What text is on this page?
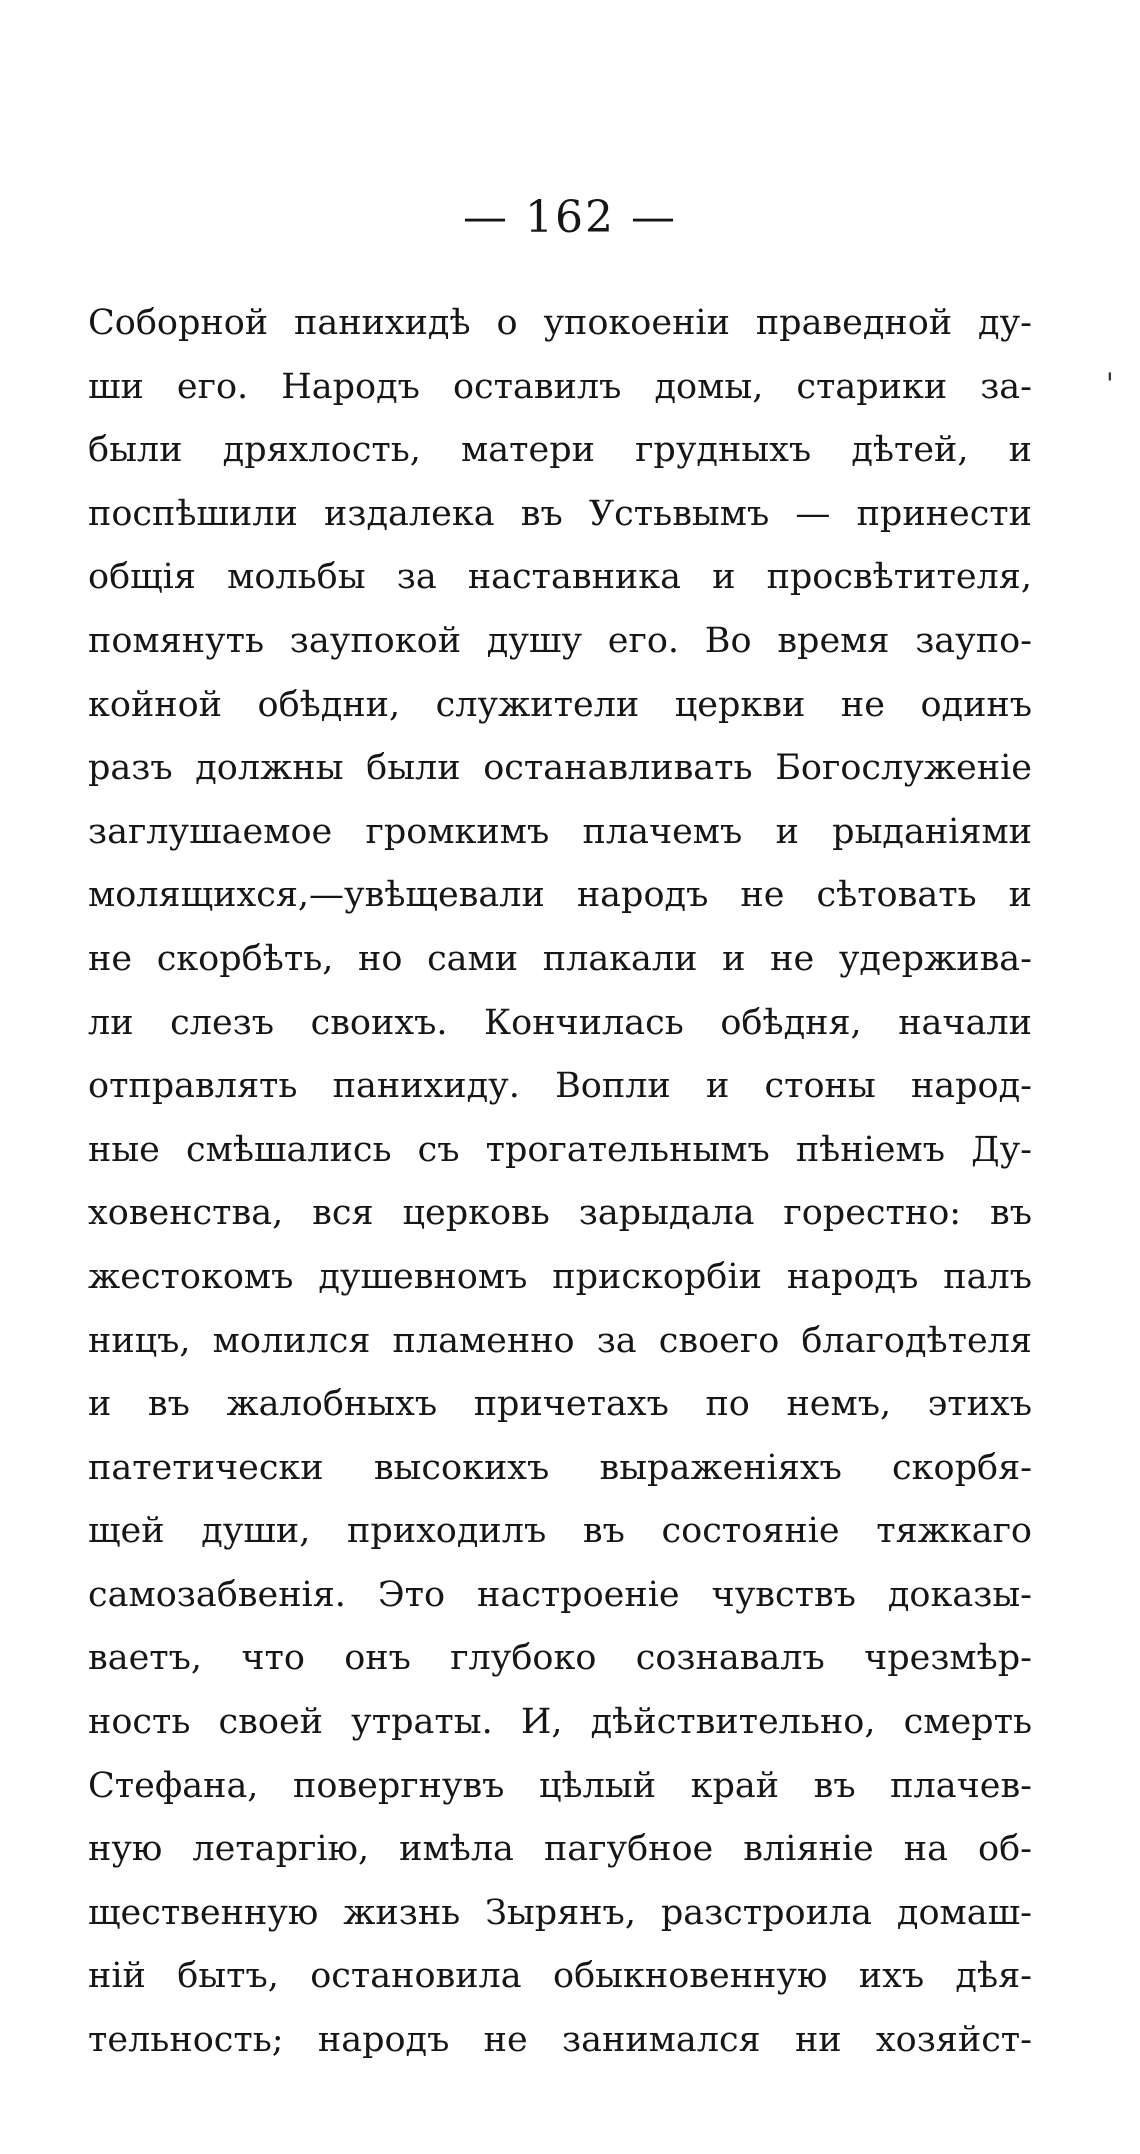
— 162 —
Соборной панихидѣ о упокоеніи праведной ду-
ши его. Народъ оставилъ домы, старики за-
были дряхлость, матери грудныхъ дѣтей, и
поспѣшили издалека въ Устьвымъ — принести
общія мольбы за наставника и просвѣтителя,
помянуть заупокой душу его. Во время заупо-
койной обѣдни, служители церкви не одинъ
разъ должны были останавливать Богослуженіе
заглушаемое громкимъ плачемъ и рыданіями
молящихся,—увѣщевали народъ не сѣтовать и
не скорбѣть, но сами плакали и не удержива-
ли слезъ своихъ. Кончилась обѣдня, начали
отправлять панихиду. Вопли и стоны народ-
ные смѣшались съ трогательнымъ пѣніемъ Ду-
ховенства, вся церковь зарыдала горестно: въ
жестокомъ душевномъ прискорбіи народъ палъ
ницъ, молился пламенно за своего благодѣтеля
и въ жалобныхъ причетахъ по немъ, этихъ
патетически высокихъ выраженіяхъ скорбя-
щей души, приходилъ въ состояніе тяжкаго
самозабвенія. Это настроеніе чувствъ доказы-
ваетъ, что онъ глубоко сознавалъ чрезмѣр-
ность своей утраты. И, дѣйствительно, смерть
Стефана, повергнувъ цѣлый край въ плачев-
ную летаргію, имѣла пагубное вліяніе на об-
щественную жизнь Зырянъ, разстроила домаш-
ній бытъ, остановила обыкновенную ихъ дѣя-
тельность; народъ не занимался ни хозяйст-
'
